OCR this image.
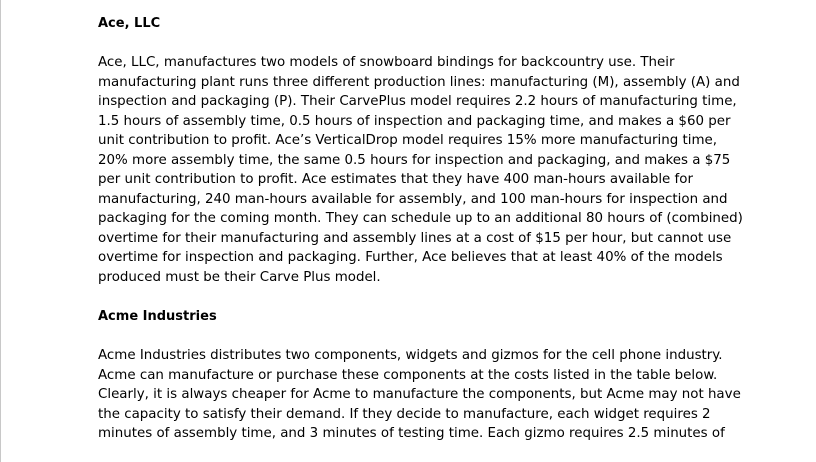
Ace, LLC

Ace, LLC, manufactures two models of snowboard bindings for backcountry use. Their
manufacturing plant runs three different production lines: manufacturing (M), assembly (A) and
inspection and packaging (P). Their CarvePlus model requires 2.2 hours of manufacturing time,
1.5 hours of assembly time, 0.5 hours of inspection and packaging time, and makes a $60 per
unit contribution to profit. Ace’s VerticalDrop model requires 15% more manufacturing time,
20% more assembly time, the same 0.5 hours for inspection and packaging, and makes a $75
per unit contribution to profit. Ace estimates that they have 400 man-hours available for
manufacturing, 240 man-hours available for assembly, and 100 man-hours for inspection and
packaging for the coming month. They can schedule up to an additional 80 hours of (combined)
overtime for their manufacturing and assembly lines at a cost of $15 per hour, but cannot use
overtime for inspection and packaging. Further, Ace believes that at least 40% of the models
produced must be their Carve Plus model.

Acme Industries

Acme Industries distributes two components, widgets and gizmos for the cell phone industry.
Acme can manufacture or purchase these components at the costs listed in the table below.
Clearly, it is always cheaper for Acme to manufacture the components, but Acme may not have
the capacity to satisfy their demand. If they decide to manufacture, each widget requires 2
minutes of assembly time, and 3 minutes of testing time. Each gizmo requires 2.5 minutes of
